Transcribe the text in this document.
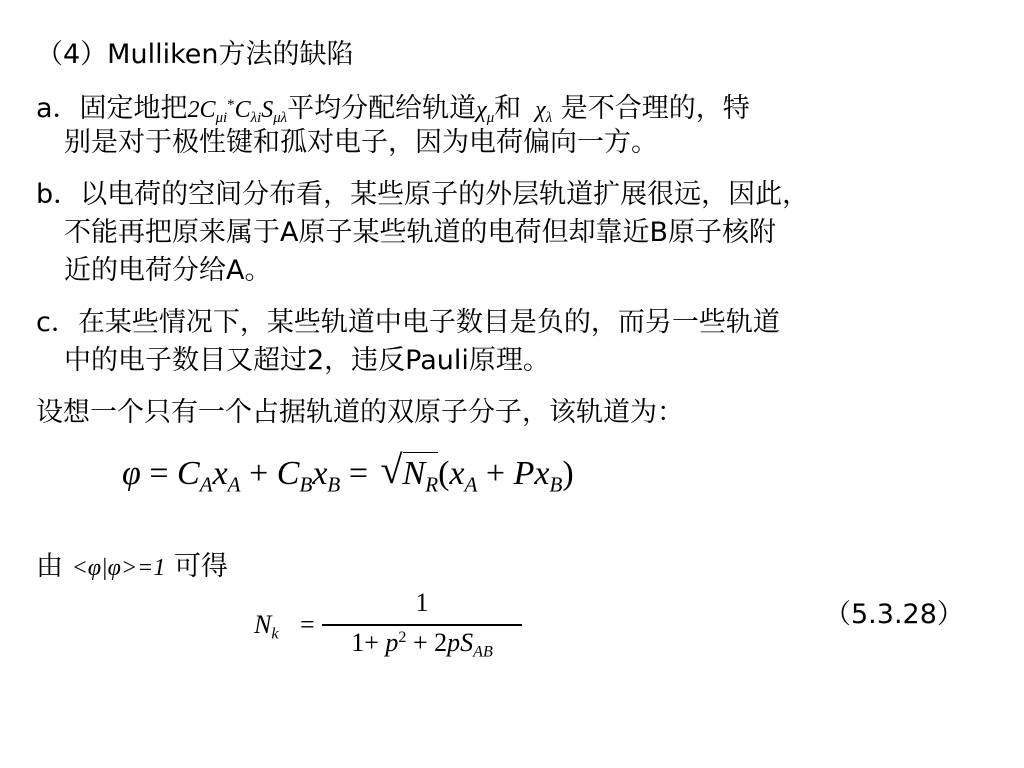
（4）Mulliken方法的缺陷
a．固定地把$2C_{\mu i}^*C_{\lambda i}S_{\mu\lambda}$平均分配给轨道$\chi_\mu$和 $\chi_\lambda$ 是不合理的，特
别是对于极性键和孤对电子，因为电荷偏向一方。
b．以电荷的空间分布看，某些原子的外层轨道扩展很远，因此，
不能再把原来属于A原子某些轨道的电荷但却靠近B原子核附
近的电荷分给A。
c．在某些情况下，某些轨道中电子数目是负的，而另一些轨道
中的电子数目又超过2，违反Pauli原理。
设想一个只有一个占据轨道的双原子分子，该轨道为：
$\varphi = C_Ax_A + C_Bx_B$ = √ $N_R(x_A + Px_B)$
由 <φ|φ>=1 可得
$N_k$ =
1
$1+ p^2 + 2pS_{AB}$
（5.3.28）
